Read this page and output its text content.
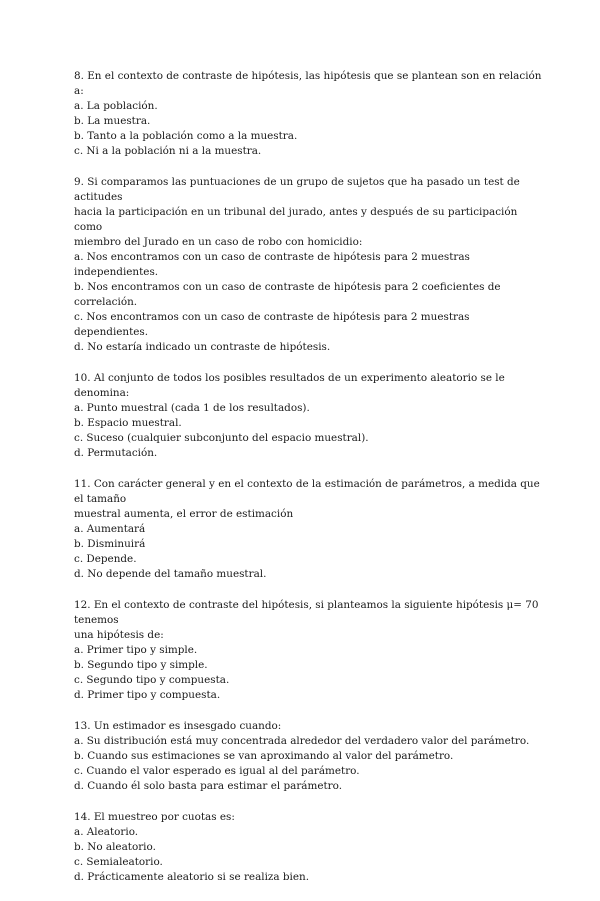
8. En el contexto de contraste de hipótesis, las hipótesis que se plantean son en relación a:

a. La población.

b. La muestra.

b. Tanto a la población como a la muestra.

c. Ni a la población ni a la muestra.

9. Si comparamos las puntuaciones de un grupo de sujetos que ha pasado un test de actitudes
hacia la participación en un tribunal del jurado, antes y después de su participación como
miembro del Jurado en un caso de robo con homicidio:

a. Nos encontramos con un caso de contraste de hipótesis para 2 muestras independientes.

b. Nos encontramos con un caso de contraste de hipótesis para 2 coeficientes de
correlación.

c. Nos encontramos con un caso de contraste de hipótesis para 2 muestras dependientes.

d. No estaría indicado un contraste de hipótesis.

10. Al conjunto de todos los posibles resultados de un experimento aleatorio se le denomina:

a. Punto muestral (cada 1 de los resultados).

b. Espacio muestral.

c. Suceso (cualquier subconjunto del espacio muestral).

d. Permutación.

11. Con carácter general y en el contexto de la estimación de parámetros, a medida que el tamaño
muestral aumenta, el error de estimación

a. Aumentará

b. Disminuirá

c. Depende.

d. No depende del tamaño muestral.

12. En el contexto de contraste del hipótesis, si planteamos la siguiente hipótesis μ= 70 tenemos
una hipótesis de:

a. Primer tipo y simple.

b. Segundo tipo y simple.

c. Segundo tipo y compuesta.

d. Primer tipo y compuesta.

13. Un estimador es insesgado cuando:

a. Su distribución está muy concentrada alrededor del verdadero valor del parámetro.

b. Cuando sus estimaciones se van aproximando al valor del parámetro.

c. Cuando el valor esperado es igual al del parámetro.

d. Cuando él solo basta para estimar el parámetro.

14. El muestreo por cuotas es:

a. Aleatorio.

b. No aleatorio.

c. Semialeatorio.

d. Prácticamente aleatorio si se realiza bien.
